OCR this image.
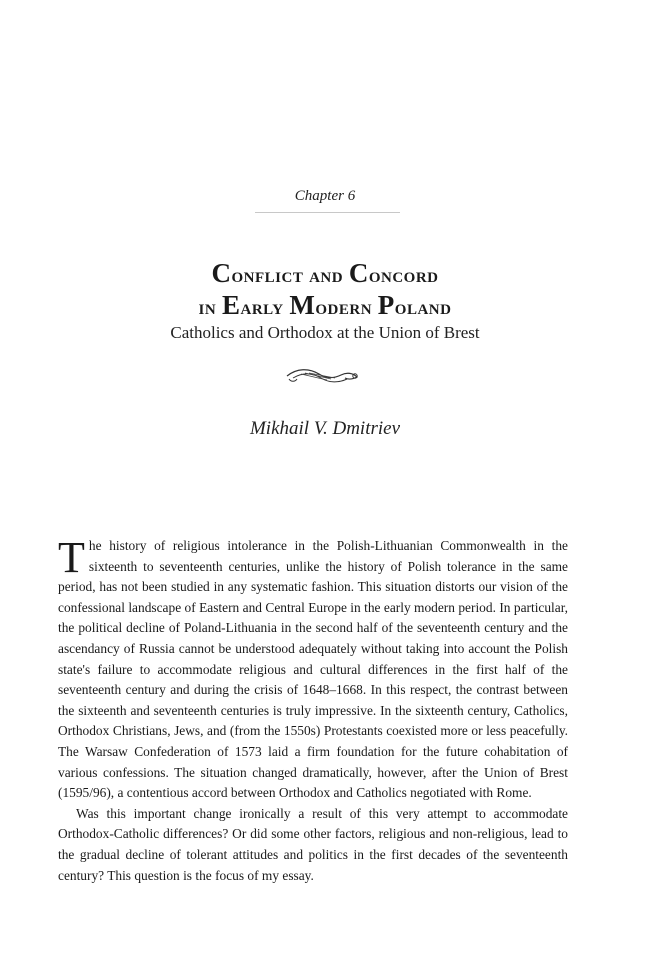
Chapter 6
Conflict and Concord
in Early Modern Poland
Catholics and Orthodox at the Union of Brest
Mikhail V. Dmitriev

The history of religious intolerance in the Polish-Lithuanian Commonwealth in the sixteenth to seventeenth centuries, unlike the history of Polish tolerance in the same period, has not been studied in any systematic fashion. This situation distorts our vision of the confessional landscape of Eastern and Central Europe in the early modern period. In particular, the political decline of Poland-Lithuania in the second half of the seventeenth century and the ascendancy of Russia cannot be understood adequately without taking into account the Polish state's failure to accommodate religious and cultural differences in the first half of the seventeenth century and during the crisis of 1648–1668. In this respect, the contrast between the sixteenth and seventeenth centuries is truly impressive. In the sixteenth century, Catholics, Orthodox Christians, Jews, and (from the 1550s) Protestants coexisted more or less peacefully. The Warsaw Confederation of 1573 laid a firm foundation for the future cohabitation of various confessions. The situation changed dramatically, however, after the Union of Brest (1595/96), a contentious accord between Orthodox and Catholics negotiated with Rome.

Was this important change ironically a result of this very attempt to accommodate Orthodox-Catholic differences? Or did some other factors, religious and non-religious, lead to the gradual decline of tolerant attitudes and politics in the first decades of the seventeenth century? This question is the focus of my essay.
